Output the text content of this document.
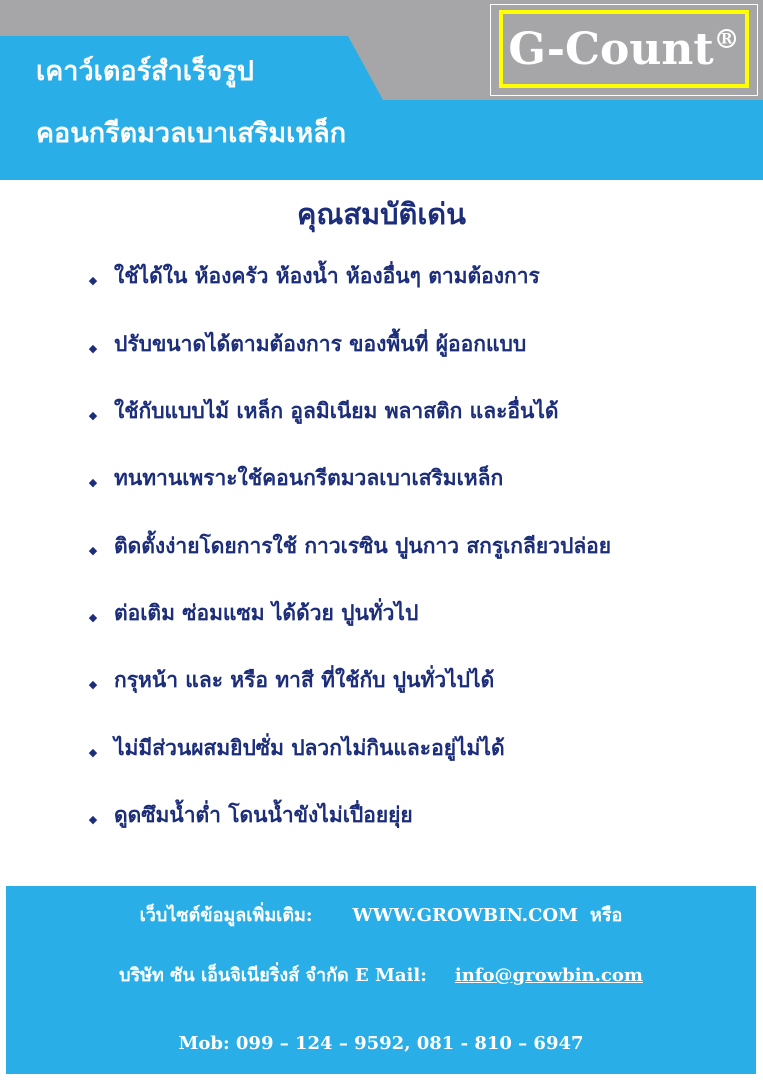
เคาว์เตอร์สำเร็จรูป
คอนกรีตมวลเบาเสริมเหล็ก
G-Count®
คุณสมบัติเด่น
◆ ใช้ได้ใน ห้องครัว ห้องน้ำ ห้องอื่นๆ ตามต้องการ
◆ ปรับขนาดได้ตามต้องการ ของพื้นที่ ผู้ออกแบบ
◆ ใช้กับแบบไม้ เหล็ก อูลมิเนียม พลาสติก และอื่นได้
◆ ทนทานเพราะใช้คอนกรีตมวลเบาเสริมเหล็ก
◆ ติดตั้งง่ายโดยการใช้ กาวเรซิน ปูนกาว สกรูเกลียวปล่อย
◆ ต่อเติม ซ่อมแซม ได้ด้วย ปูนทั่วไป
◆ กรุหน้า และ หรือ ทาสี ที่ใช้กับ ปูนทั่วไปได้
◆ ไม่มีส่วนผสมยิปซั่ม ปลวกไม่กินและอยู่ไม่ได้
◆ ดูดซึมน้ำต่ำ โดนน้ำขังไม่เปื่อยยุ่ย
เว็บไซต์ข้อมูลเพิ่มเติม: WWW.GROWBIN.COM หรือ
บริษัท ซัน เอ็นจิเนียริ่งส์ จำกัด E Mail: info@growbin.com
Mob: 099 – 124 – 9592, 081 - 810 – 6947
